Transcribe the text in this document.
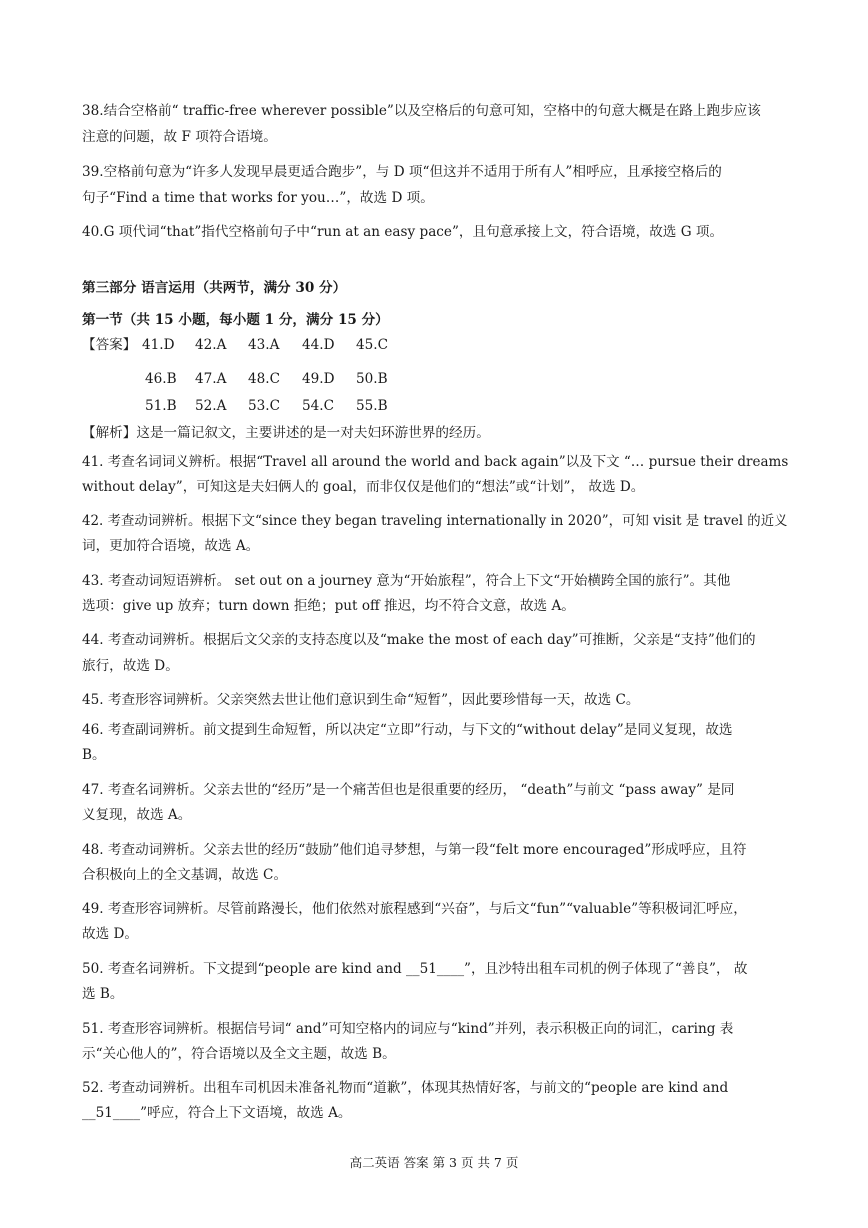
38.结合空格前“ traffic-free wherever possible”以及空格后的句意可知，空格中的句意大概是在路上跑步应该
注意的问题，故 F 项符合语境。
39.空格前句意为“许多人发现早晨更适合跑步”，与 D 项“但这并不适用于所有人”相呼应，且承接空格后的
句子“Find a time that works for you…”，故选 D 项。
40.G 项代词“that”指代空格前句子中“run at an easy pace”，且句意承接上文，符合语境，故选 G 项。
第三部分 语言运用（共两节，满分 30 分）
第一节（共 15 小题，每小题 1 分，满分 15 分）
【答案】 41.D 42.A 43.A 44.D 45.C
46.B 47.A 48.C 49.D 50.B
51.B 52.A 53.C 54.C 55.B
【解析】这是一篇记叙文，主要讲述的是一对夫妇环游世界的经历。
41. 考查名词词义辨析。根据“Travel all around the world and back again”以及下文 “… pursue their dreams
without delay”，可知这是夫妇俩人的 goal，而非仅仅是他们的“想法”或“计划”， 故选 D。
42. 考查动词辨析。根据下文“since they began traveling internationally in 2020”，可知 visit 是 travel 的近义
词，更加符合语境，故选 A。
43. 考查动词短语辨析。 set out on a journey 意为“开始旅程”，符合上下文“开始横跨全国的旅行”。其他
选项：give up 放弃；turn down 拒绝；put off 推迟，均不符合文意，故选 A。
44. 考查动词辨析。根据后文父亲的支持态度以及“make the most of each day”可推断，父亲是“支持”他们的
旅行，故选 D。
45. 考查形容词辨析。父亲突然去世让他们意识到生命“短暂”，因此要珍惜每一天，故选 C。
46. 考查副词辨析。前文提到生命短暂，所以决定“立即”行动，与下文的“without delay”是同义复现，故选
B。
47. 考查名词辨析。父亲去世的“经历”是一个痛苦但也是很重要的经历， “death”与前文 “pass away” 是同
义复现，故选 A。
48. 考查动词辨析。父亲去世的经历“鼓励”他们追寻梦想，与第一段“felt more encouraged”形成呼应，且符
合积极向上的全文基调，故选 C。
49. 考查形容词辨析。尽管前路漫长，他们依然对旅程感到“兴奋”，与后文“fun”“valuable”等积极词汇呼应，
故选 D。
50. 考查名词辨析。下文提到“people are kind and __51____”，且沙特出租车司机的例子体现了“善良”， 故
选 B。
51. 考查形容词辨析。根据信号词“ and”可知空格内的词应与“kind”并列，表示积极正向的词汇，caring 表
示“关心他人的”，符合语境以及全文主题，故选 B。
52. 考查动词辨析。出租车司机因未准备礼物而“道歉”，体现其热情好客，与前文的“people are kind and
__51____”呼应，符合上下文语境，故选 A。
高二英语 答案 第 3 页 共 7 页
